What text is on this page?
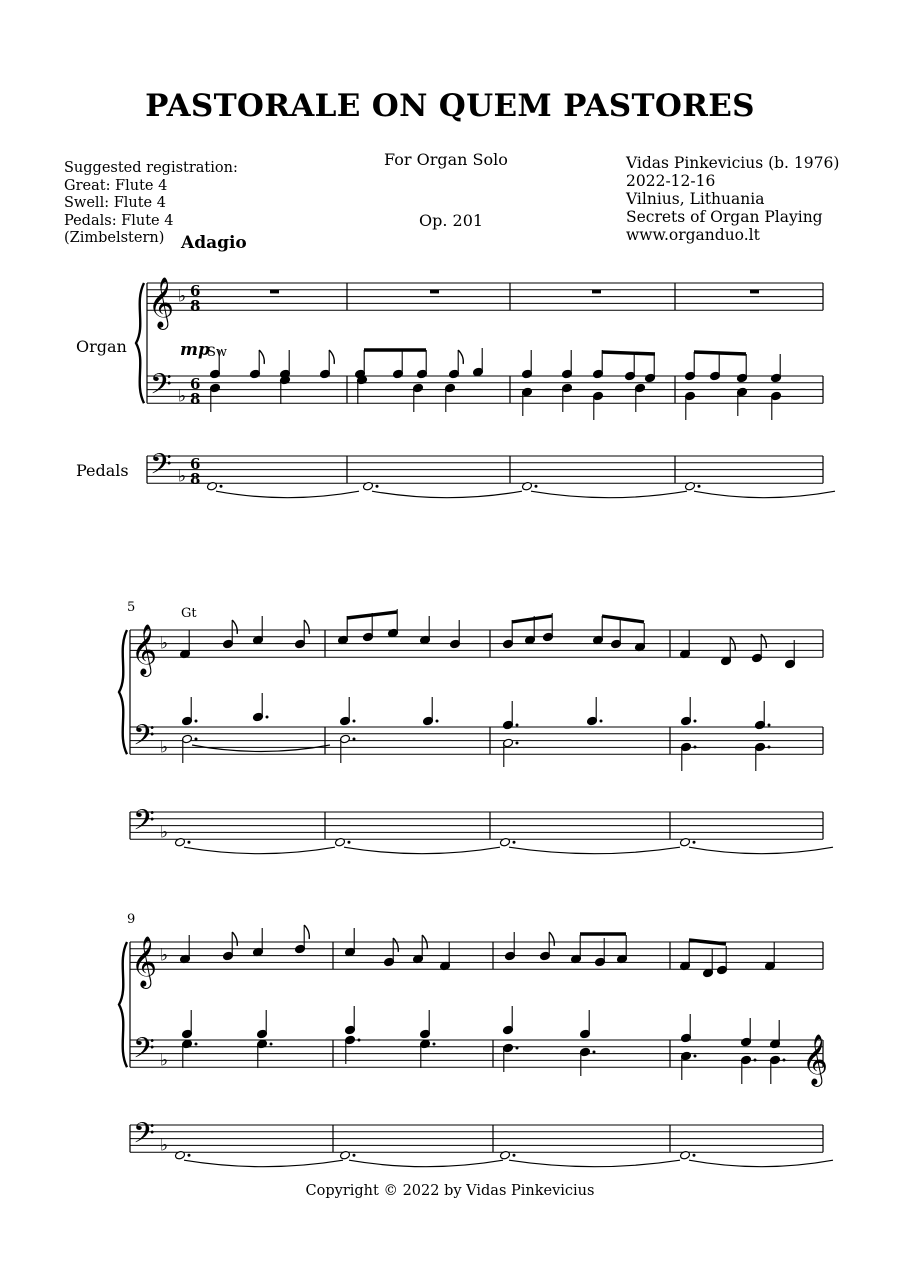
PASTORALE ON QUEM PASTORES
Suggested registration:
Great: Flute 4
Swell: Flute 4
Pedals: Flute 4
(Zimbelstern)
For Organ Solo
Op. 201
Vidas Pinkevicius (b. 1976)
2022-12-16
Vilnius, Lithuania
Secrets of Organ Playing
www.organduo.lt
𝄞 ♭
𝄢 ♭
𝄢 ♭
𝄞 ♭
𝄢 ♭
𝄢 ♭
𝄞 ♭
𝄢 ♭
𝄢 ♭
𝄞
Adagio
mp
Sw
Gt
Organ
Pedals
5
9
6
8
6
8
6
8
Copyright © 2022 by Vidas Pinkevicius
